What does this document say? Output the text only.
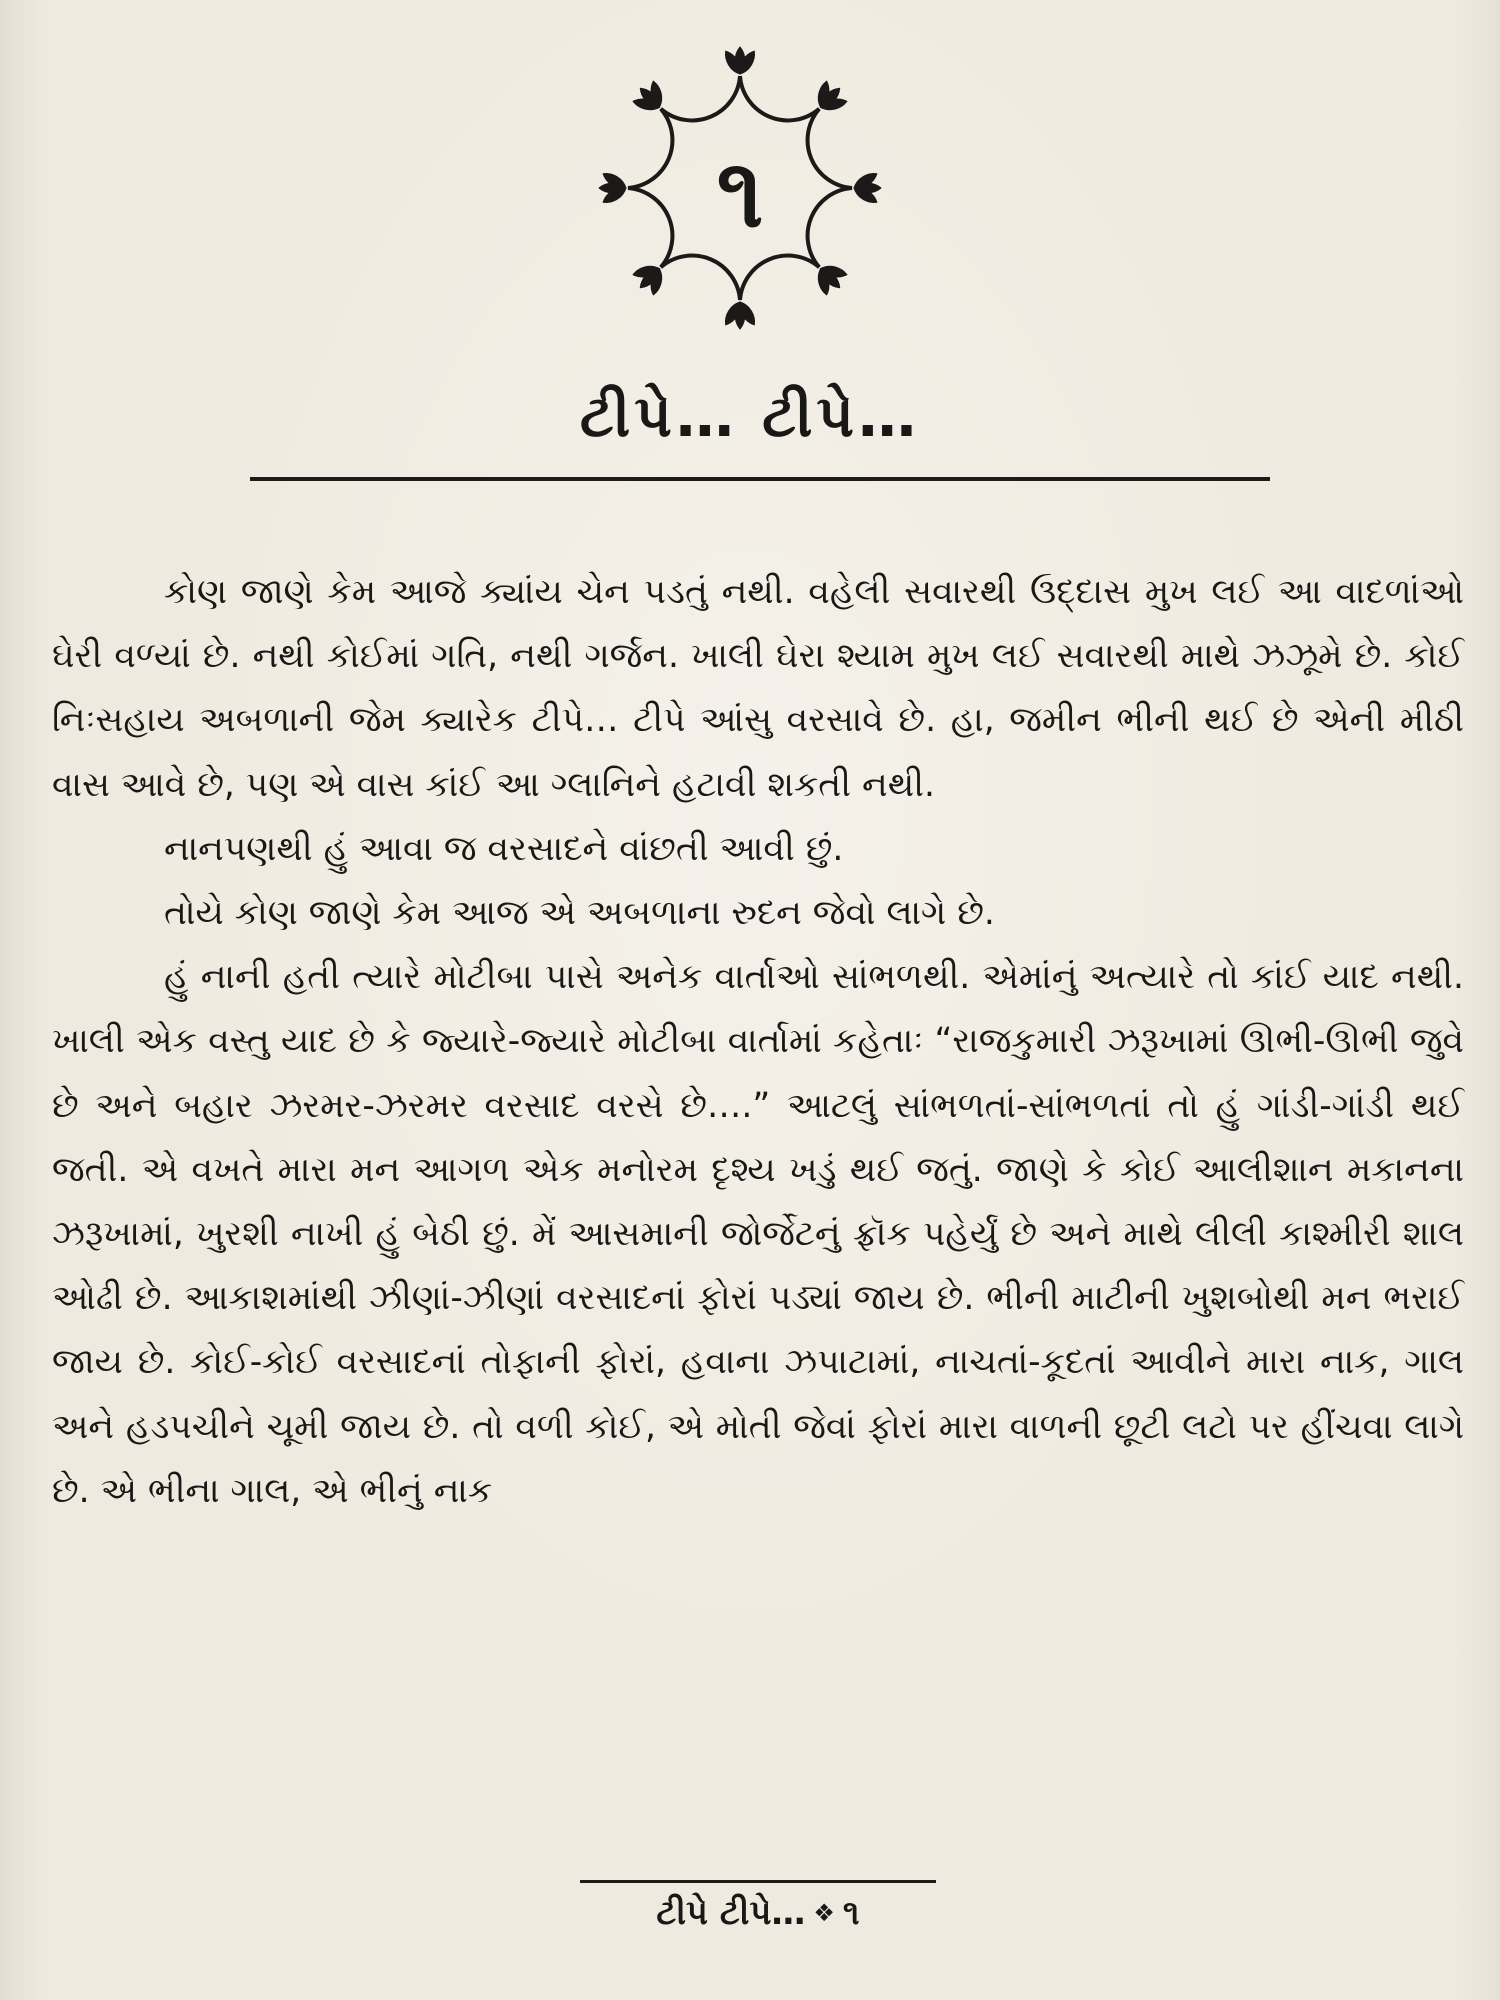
૧
ટીપે… ટીપે…

કોણ જાણે કેમ આજે ક્યાંય ચેન પડતું નથી. વહેલી સવારથી ઉદ્દાસ મુખ લઈ આ વાદળાંઓ ઘેરી વળ્યાં છે. નથી કોઈમાં ગતિ, નથી ગર્જન. ખાલી ઘેરા શ્યામ મુખ લઈ સવારથી માથે ઝઝૂમે છે. કોઈ નિઃસહાય અબળાની જેમ ક્યારેક ટીપે… ટીપે આંસુ વરસાવે છે. હા, જમીન ભીની થઈ છે એની મીઠી વાસ આવે છે, પણ એ વાસ કાંઈ આ ગ્લાનિને હટાવી શકતી નથી.

નાનપણથી હું આવા જ વરસાદને વાંછતી આવી છું.

તોયે કોણ જાણે કેમ આજ એ અબળાના રુદન જેવો લાગે છે.

હું નાની હતી ત્યારે મોટીબા પાસે અનેક વાર્તાઓ સાંભળથી. એમાંનું અત્યારે તો કાંઈ યાદ નથી. ખાલી એક વસ્તુ યાદ છે કે જ્યારે-જ્યારે મોટીબા વાર્તામાં કહેતાઃ “રાજકુમારી ઝરૂખામાં ઊભી-ઊભી જુવે છે અને બહાર ઝરમર-ઝરમર વરસાદ વરસે છે….” આટલું સાંભળતાં-સાંભળતાં તો હું ગાંડી-ગાંડી થઈ જતી. એ વખતે મારા મન આગળ એક મનોરમ દૃશ્ય ખડું થઈ જતું. જાણે કે કોઈ આલીશાન મકાનના ઝરૂખામાં, ખુરશી નાખી હું બેઠી છું. મેં આસમાની જોર્જેટનું ફ્રૉક પહેર્યું છે અને માથે લીલી કાશ્મીરી શાલ ઓઢી છે. આકાશમાંથી ઝીણાં-ઝીણાં વરસાદનાં ફોરાં પડ્યાં જાય છે. ભીની માટીની ખુશબોથી મન ભરાઈ જાય છે. કોઈ-કોઈ વરસાદનાં તોફાની ફોરાં, હવાના ઝપાટામાં, નાચતાં-કૂદતાં આવીને મારા નાક, ગાલ અને હડપચીને ચૂમી જાય છે. તો વળી કોઈ, એ મોતી જેવાં ફોરાં મારા વાળની છૂટી લટો પર હીંચવા લાગે છે. એ ભીના ગાલ, એ ભીનું નાક

ટીપે ટીપે… ❖ ૧
